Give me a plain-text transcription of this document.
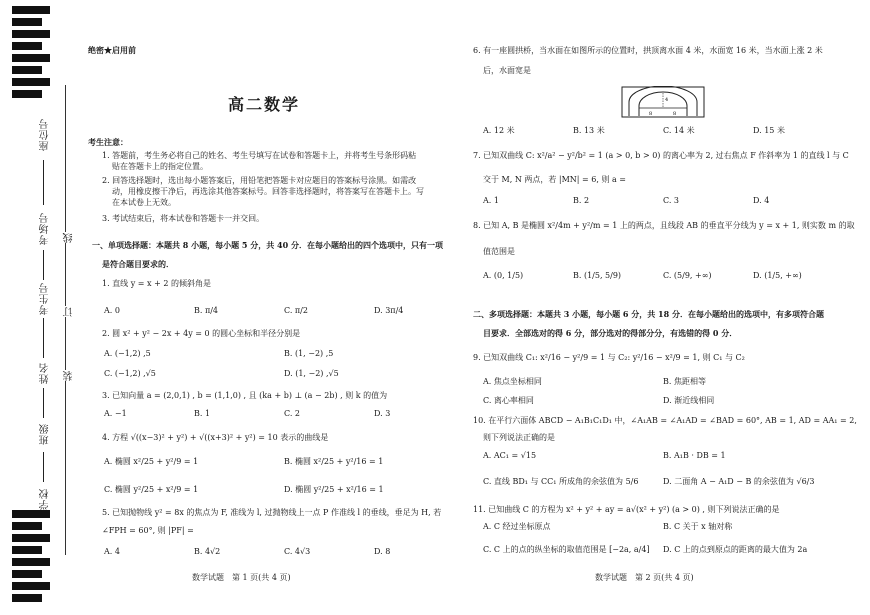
座位号
考场号
考生号
姓名
班级
学校
线
订
装
绝密★启用前
高二数学
考生注意：
1. 答题前，考生务必将自己的姓名、考生号填写在试卷和答题卡上，并将考生号条形码粘
贴在答题卡上的指定位置。
2. 回答选择题时，选出每小题答案后，用铅笔把答题卡对应题目的答案标号涂黑。如需改
动，用橡皮擦干净后，再选涂其他答案标号。回答非选择题时，将答案写在答题卡上。写
在本试卷上无效。
3. 考试结束后，将本试卷和答题卡一并交回。
一、单项选择题：本题共 8 小题，每小题 5 分，共 40 分．在每小题给出的四个选项中，只有一项
是符合题目要求的．
1. 直线 y = x + 2 的倾斜角是
A. 0	B. π/4	C. π/2	D. 3π/4
2. 圆 x² + y² − 2x + 4y = 0 的圆心坐标和半径分别是
A. (−1,2) ,5	B. (1, −2) ,5
C. (−1,2) ,√5	D. (1, −2) ,√5
3. 已知向量 a = (2,0,1) , b = (1,1,0) , 且 (ka + b) ⊥ (a − 2b) , 则 k 的值为
A. −1	B. 1	C. 2	D. 3
4. 方程 √((x−3)² + y²) + √((x+3)² + y²) = 10 表示的曲线是
A. 椭圆 x²/25 + y²/9 = 1	B. 椭圆 x²/25 + y²/16 = 1
C. 椭圆 y²/25 + x²/9 = 1	D. 椭圆 y²/25 + x²/16 = 1
5. 已知抛物线 y² = 8x 的焦点为 F, 准线为 l, 过抛物线上一点 P 作准线 l 的垂线，垂足为 H, 若
∠FPH = 60°, 则 |PF| =
A. 4	B. 4√2	C. 4√3	D. 8
数学试题　第 1 页(共 4 页)
6. 有一座圆拱桥，当水面在如图所示的位置时，拱顶离水面 4 米，水面宽 16 米，当水面上涨 2 米
后，水面宽是
4
8	8
A. 12 米	B. 13 米	C. 14 米	D. 15 米
7. 已知双曲线 C: x²/a² − y²/b² = 1 (a > 0, b > 0) 的离心率为 2, 过右焦点 F 作斜率为 1 的直线 l 与 C
交于 M, N 两点，若 |MN| = 6, 则 a =
A. 1	B. 2	C. 3	D. 4
8. 已知 A, B 是椭圆 x²/4m + y²/m = 1 上的两点，且线段 AB 的垂直平分线为 y = x + 1, 则实数 m 的取
值范围是
A. (0, 1/5)	B. (1/5, 5/9)	C. (5/9, +∞)	D. (1/5, +∞)
二、多项选择题：本题共 3 小题，每小题 6 分，共 18 分．在每小题给出的选项中，有多项符合题
目要求．全部选对的得 6 分，部分选对的得部分分，有选错的得 0 分．
9. 已知双曲线 C₁: x²/16 − y²/9 = 1 与 C₂: y²/16 − x²/9 = 1, 则 C₁ 与 C₂
A. 焦点坐标相同	B. 焦距相等
C. 离心率相同	D. 渐近线相同
10. 在平行六面体 ABCD − A₁B₁C₁D₁ 中，∠A₁AB = ∠A₁AD = ∠BAD = 60°, AB = 1, AD = AA₁ = 2,
则下列说法正确的是
A. AC₁ = √15	B. A₁B · DB = 1
C. 直线 BD₁ 与 CC₁ 所成角的余弦值为 5/6	D. 二面角 A − A₁D − B 的余弦值为 √6/3
11. 已知曲线 C 的方程为 x² + y² + ay = a√(x² + y²) (a > 0) , 则下列说法正确的是
A. C 经过坐标原点	B. C 关于 x 轴对称
C. C 上的点的纵坐标的取值范围是 [−2a, a/4] D. C 上的点到原点的距离的最大值为 2a
数学试题　第 2 页(共 4 页)
